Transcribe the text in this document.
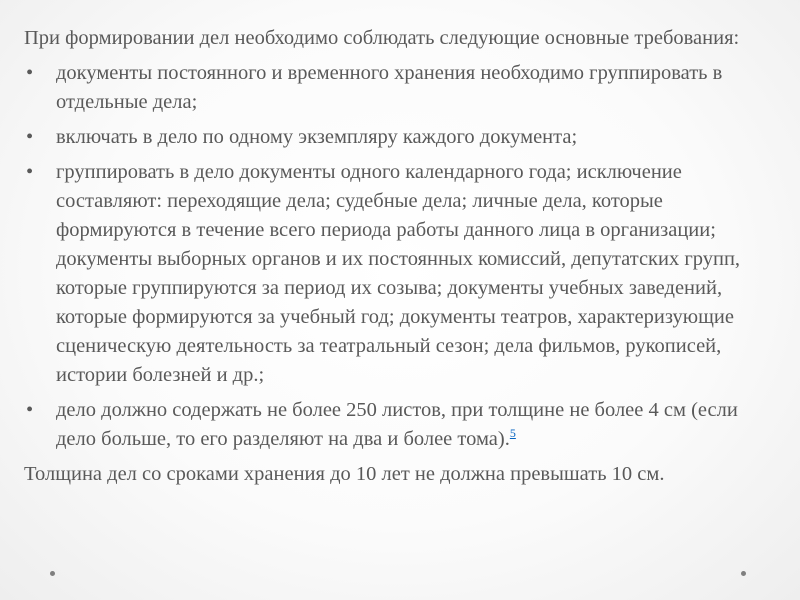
При формировании дел необходимо соблюдать следующие основные требования:

•	документы постоянного и временного хранения необходимо группировать в отдельные дела;
•	включать в дело по одному экземпляру каждого документа;
•	группировать в дело документы одного календарного года; исключение составляют: переходящие дела; судебные дела; личные дела, которые формируются в течение всего периода работы данного лица в организации; документы выборных органов и их постоянных комиссий, депутатских групп, которые группируются за период их созыва; документы учебных заведений, которые формируются за учебный год; документы театров, характеризующие сценическую деятельность за театральный сезон; дела фильмов, рукописей, истории болезней и др.;
•	дело должно содержать не более 250 листов, при толщине не более 4 см (если дело больше, то его разделяют на два и более тома).$^5$

Толщина дел со сроками хранения до 10 лет не должна превышать 10 см.
